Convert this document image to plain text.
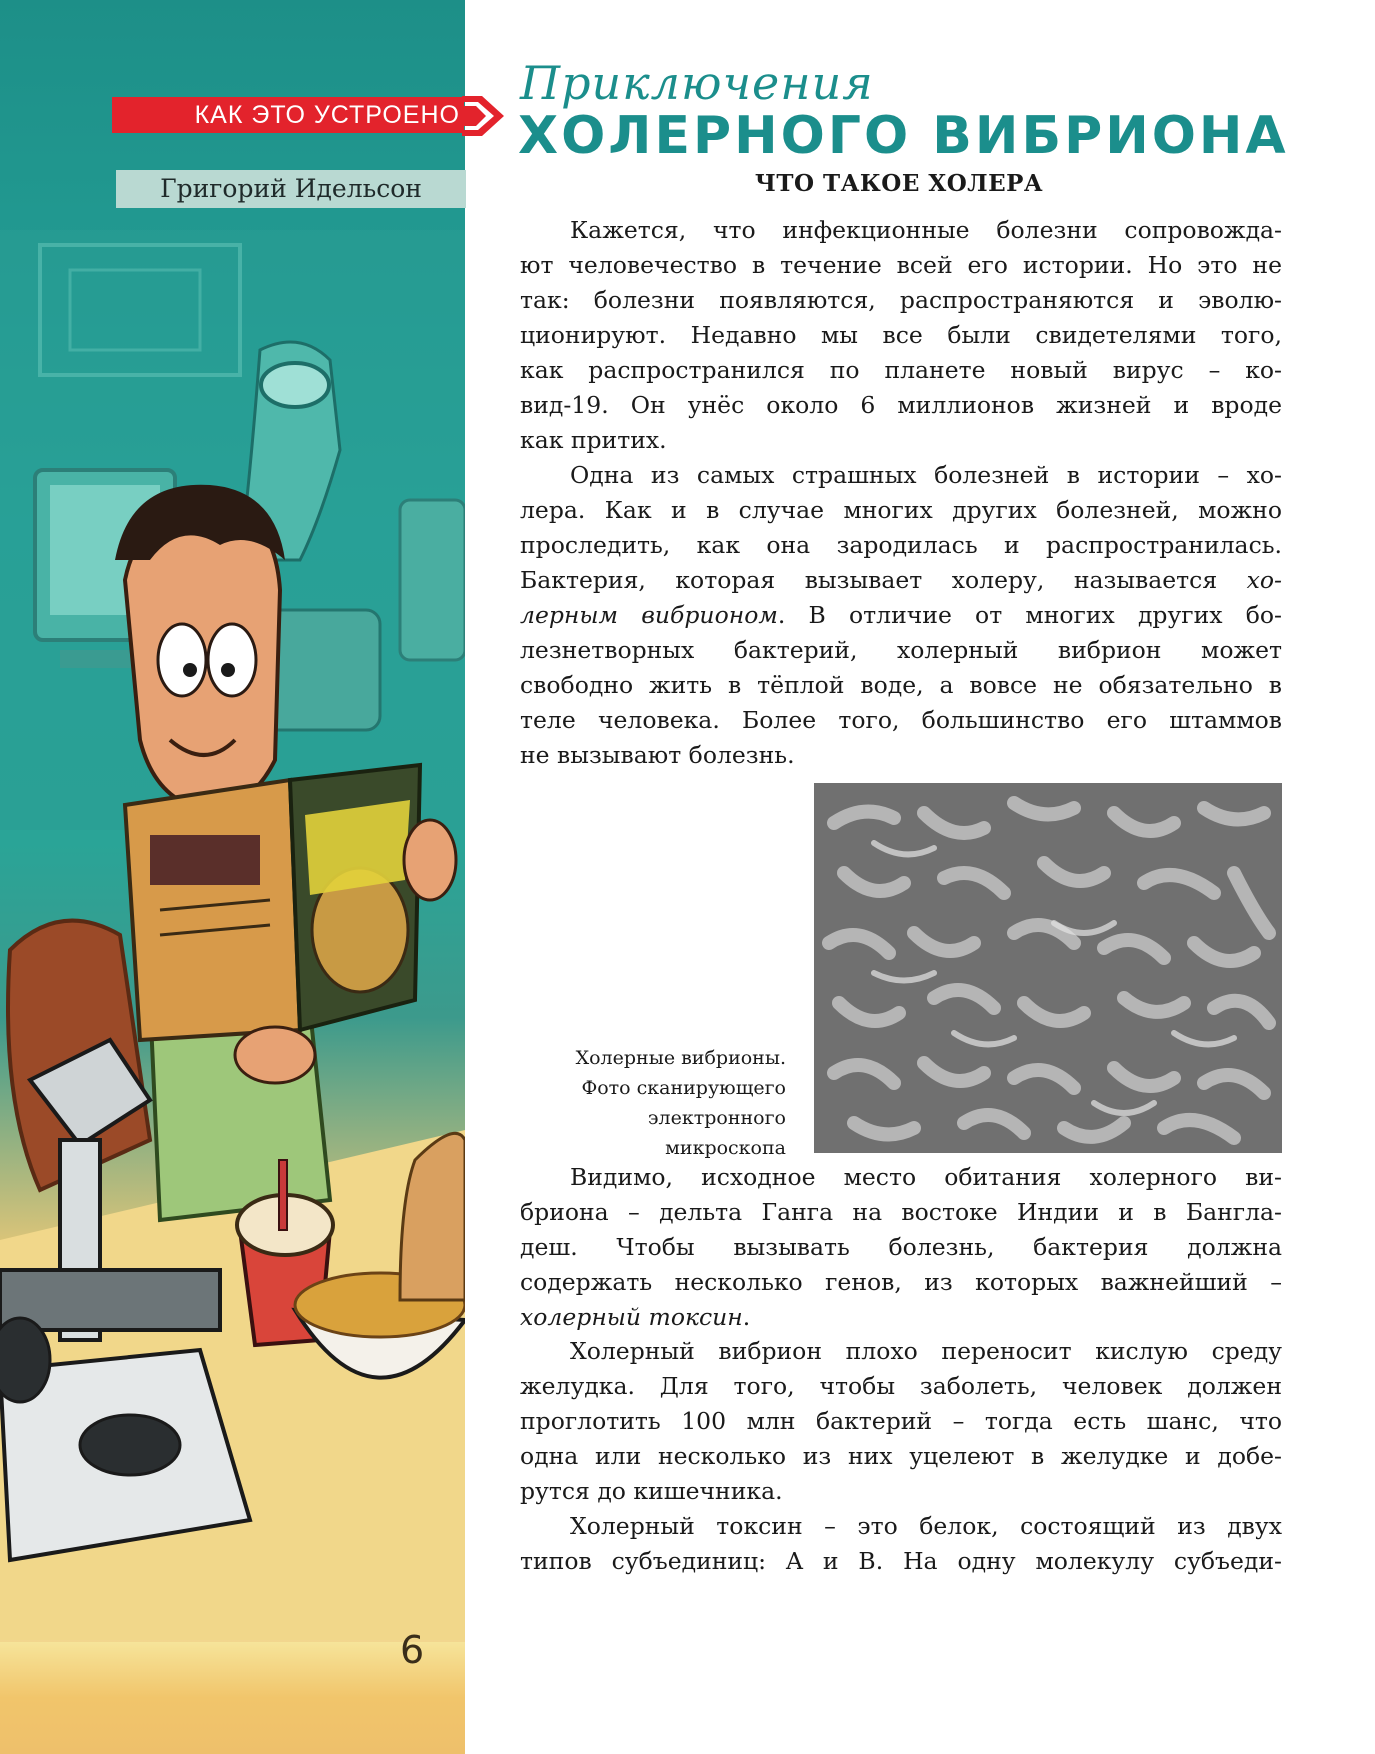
6
КАК ЭТО УСТРОЕНО
Григорий Идельсон
Приключения
ХОЛЕРНОГО ВИБРИОНА
ЧТО ТАКОЕ ХОЛЕРА
Кажется, что инфекционные болезни сопровожда-
ют человечество в течение всей его истории. Но это не
так: болезни появляются, распространяются и эволю-
ционируют. Недавно мы все были свидетелями того,
как распространился по планете новый вирус – ко-
вид-19. Он унёс около 6 миллионов жизней и вроде
как притих.
Одна из самых страшных болезней в истории – хо-
лера. Как и в случае многих других болезней, можно
проследить, как она зародилась и распространилась.
Бактерия, которая вызывает холеру, называется хо-
лерным вибрионом. В отличие от многих других бо-
лезнетворных бактерий, холерный вибрион может
свободно жить в тёплой воде, а вовсе не обязательно в
теле человека. Более того, большинство его штаммов
не вызывают болезнь.
Холерные вибрионы.
Фото сканирующего
электронного
микроскопа
Видимо, исходное место обитания холерного ви-
бриона – дельта Ганга на востоке Индии и в Бангла-
деш. Чтобы вызывать болезнь, бактерия должна
содержать несколько генов, из которых важнейший –
холерный токсин.
Холерный вибрион плохо переносит кислую среду
желудка. Для того, чтобы заболеть, человек должен
проглотить 100 млн бактерий – тогда есть шанс, что
одна или несколько из них уцелеют в желудке и добе-
рутся до кишечника.
Холерный токсин – это белок, состоящий из двух
типов субъединиц: A и B. На одну молекулу субъеди-
